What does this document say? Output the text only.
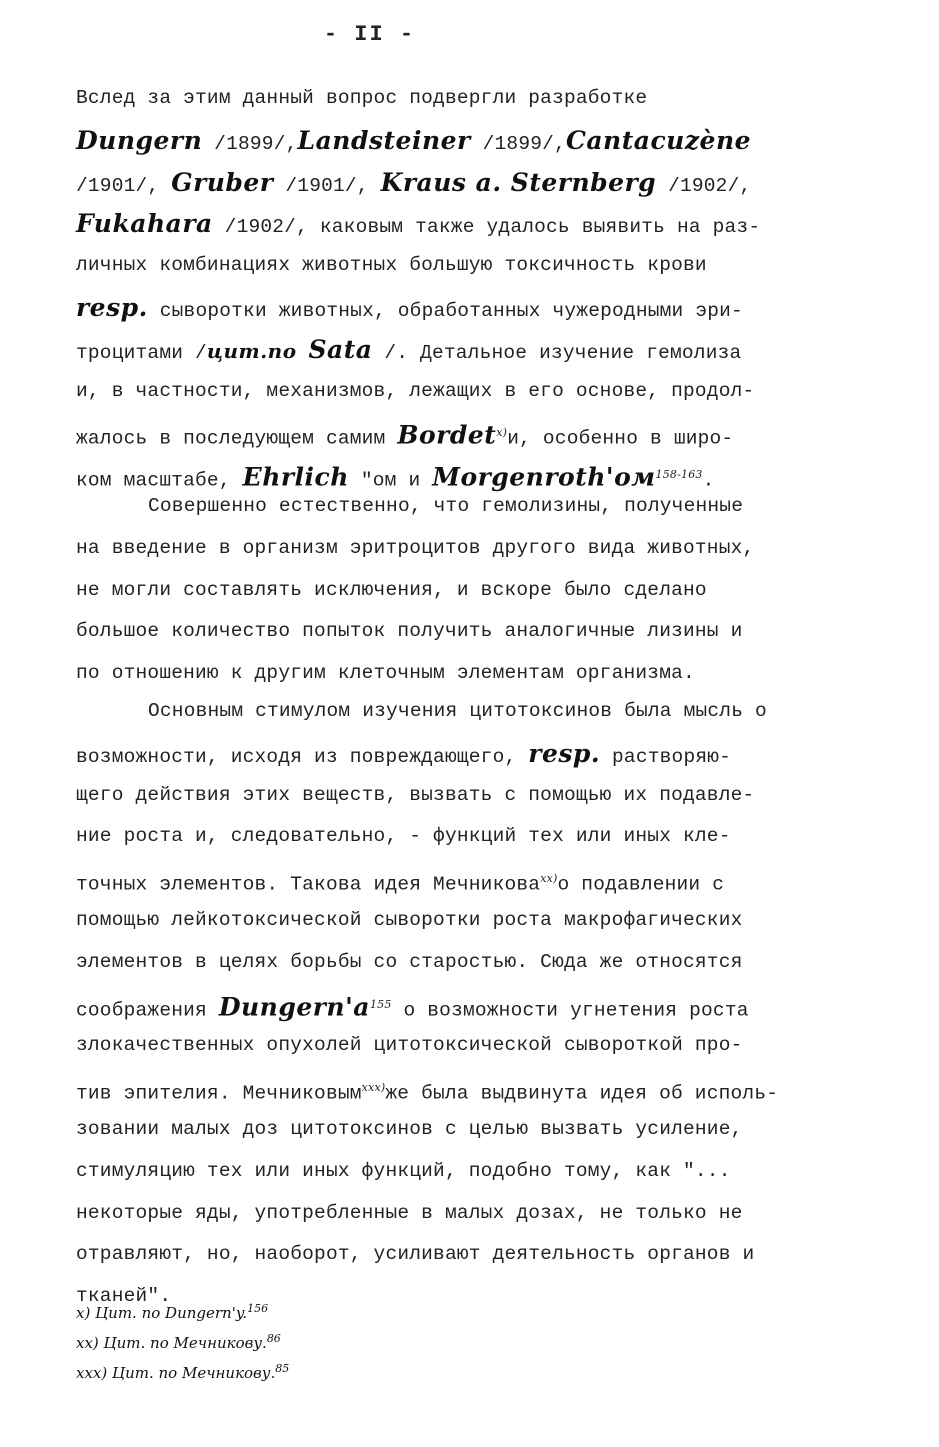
- II -
Вслед за этим данный вопрос подвергли разработке
Dungern /1899/,Landsteiner /1899/,Cantacuzène
/1901/, Gruber /1901/, Kraus a. Sternberg /1902/,
Fukahara /1902/, каковым также удалось выявить на раз-
личных комбинациях животных большую токсичность крови
resp. сыворотки животных, обработанных чужеродными эри-
троцитами /цит.по Sata /. Детальное изучение гемолиза
и, в частности, механизмов, лежащих в его основе, продол-
жалось в последующем самим Bordet$^{x)}$и, особенно в широ-
ком масштабе, Ehrlich "ом и $Morgenroth'ом^{158-163}$.
Совершенно естественно, что гемолизины, полученные
на введение в организм эритроцитов другого вида животных,
не могли составлять исключения, и вскоре было сделано
большое количество попыток получить аналогичные лизины и
по отношению к другим клеточным элементам организма.
Основным стимулом изучения цитотоксинов была мысль о
возможности, исходя из повреждающего, resp. растворяю-
щего действия этих веществ, вызвать с помощью их подавле-
ние роста и, следовательно, - функций тех или иных кле-
точных элементов. Такова идея Мечникова$^{xx)}$о подавлении с
помощью лейкотоксической сыворотки роста макрофагических
элементов в целях борьбы со старостью. Сюда же относятся
соображения $Dungern'a^{155}$ о возможности угнетения роста
злокачественных опухолей цитотоксической сывороткой про-
тив эпителия. Мечниковым$^{xxx)}$же была выдвинута идея об исполь-
зовании малых доз цитотоксинов с целью вызвать усиление,
стимуляцию тех или иных функций, подобно тому, как "...
некоторые яды, употребленные в малых дозах, не только не
отравляют, но, наоборот, усиливают деятельность органов и
тканей".
x) Цит. по Dungern'y.$^{156}$
xx) Цит. по Мечникову.$^{86}$
xxx) Цит. по Мечникову.$^{85}$
